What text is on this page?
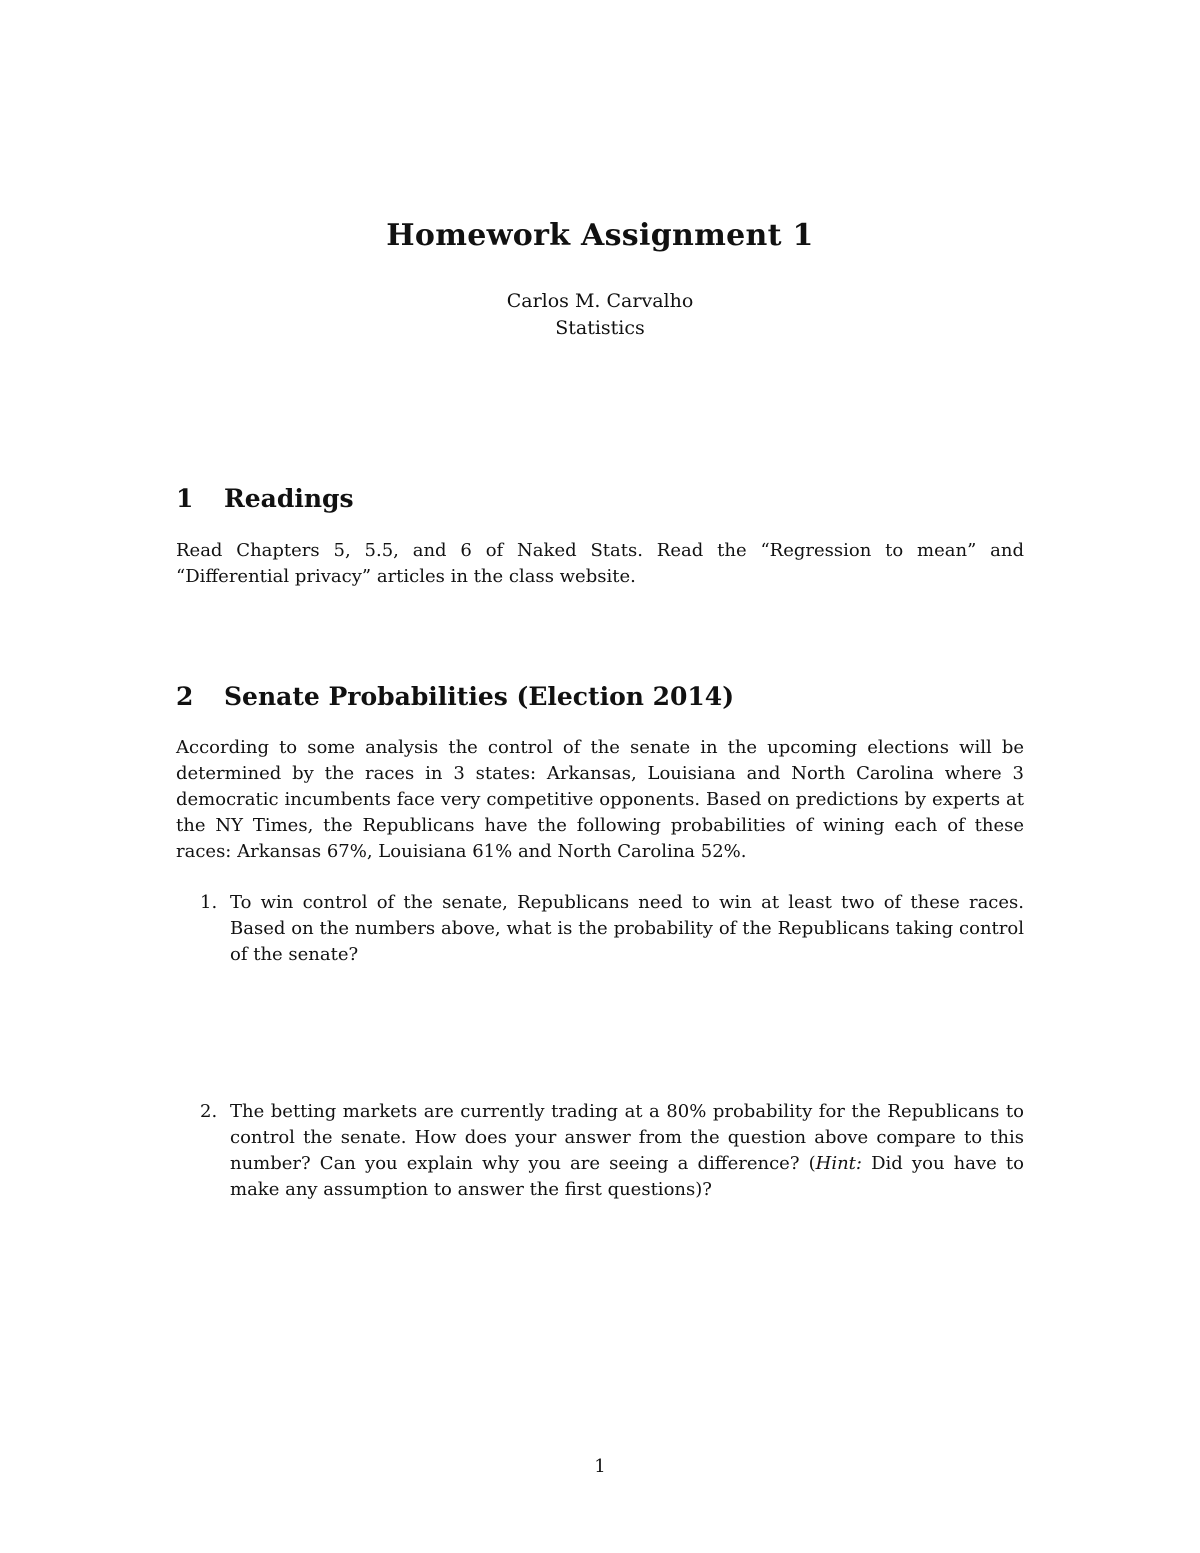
Homework Assignment 1
Carlos M. Carvalho
Statistics
1 Readings

Read Chapters 5, 5.5, and 6 of Naked Stats. Read the “Regression to mean” and “Differential privacy” articles in the class website.

2 Senate Probabilities (Election 2014)

According to some analysis the control of the senate in the upcoming elections will be determined by the races in 3 states: Arkansas, Louisiana and North Carolina where 3 democratic incumbents face very competitive opponents. Based on predictions by experts at the NY Times, the Republicans have the following probabilities of wining each of these races: Arkansas 67%, Louisiana 61% and North Carolina 52%.

1. To win control of the senate, Republicans need to win at least two of these races. Based on the numbers above, what is the probability of the Republicans taking control of the senate?
2. The betting markets are currently trading at a 80% probability for the Republicans to control the senate. How does your answer from the question above compare to this number? Can you explain why you are seeing a difference? (Hint: Did you have to make any assumption to answer the first questions)?
1
